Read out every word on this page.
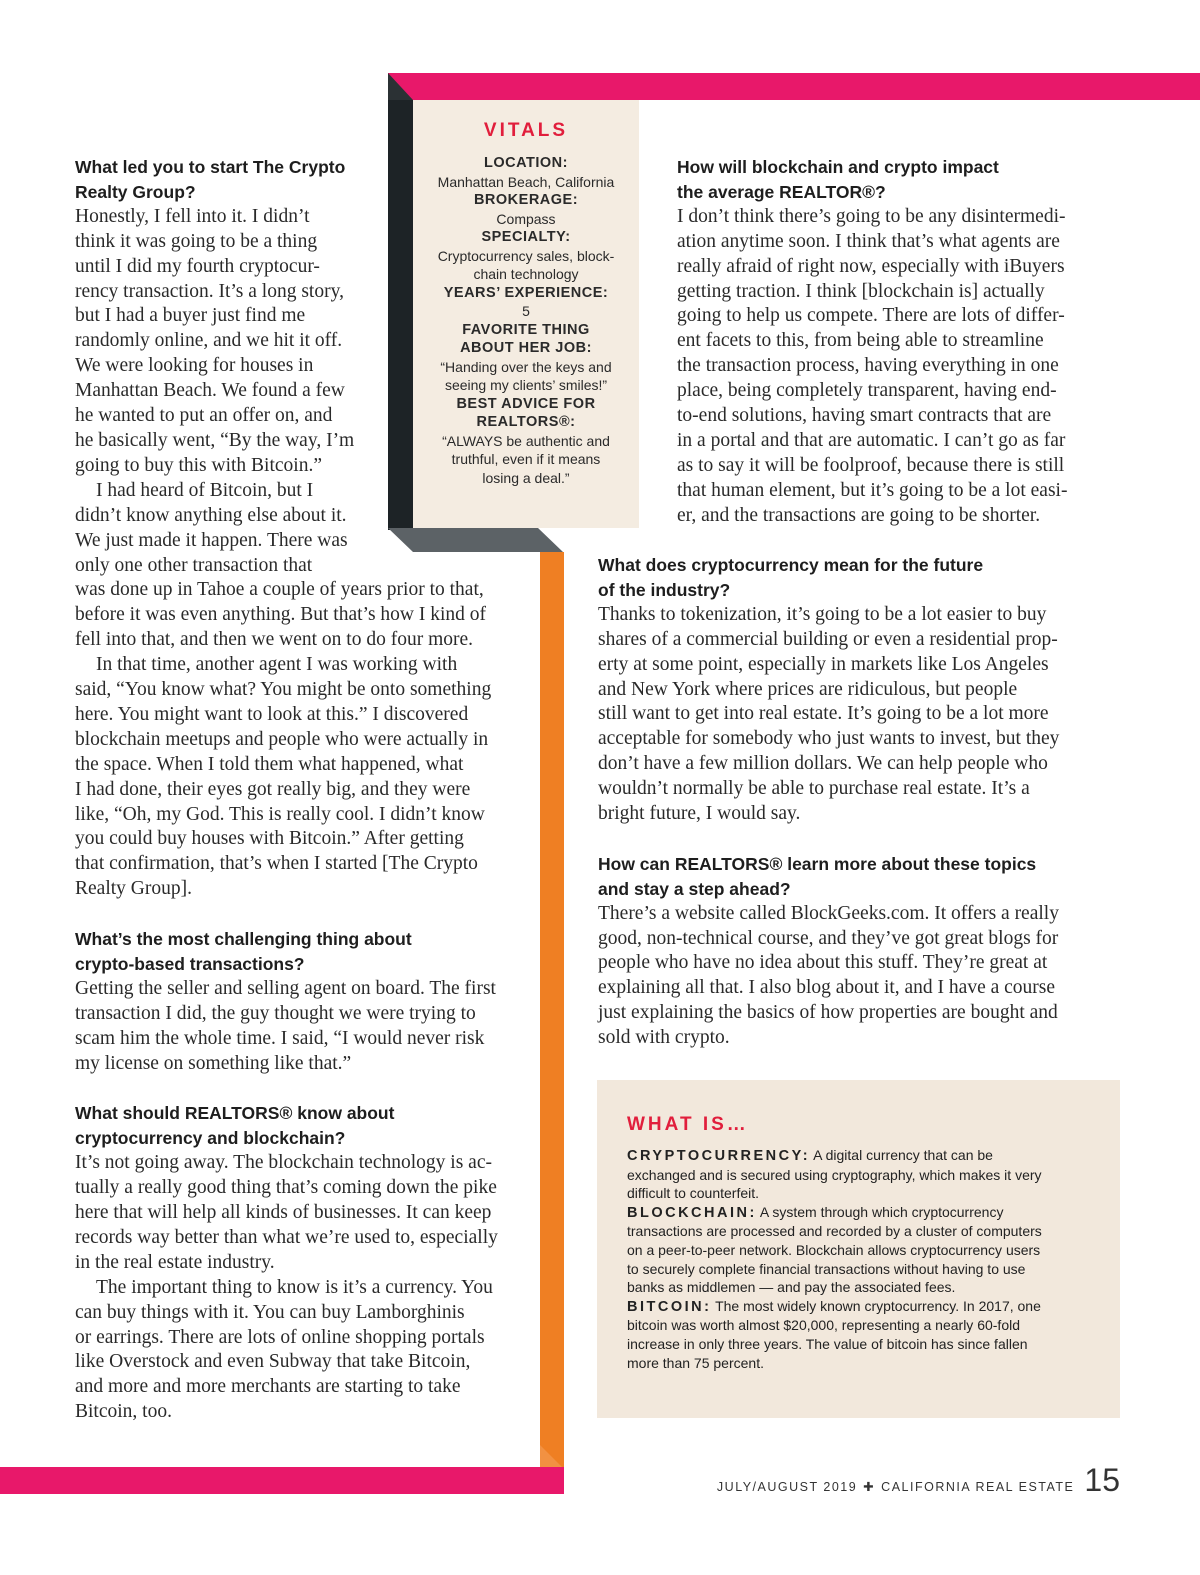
VITALS
LOCATION:
Manhattan Beach, California
BROKERAGE:
Compass
SPECIALTY:
Cryptocurrency sales, block-
chain technology
YEARS’ EXPERIENCE:
5
FAVORITE THING
ABOUT HER JOB:
“Handing over the keys and
seeing my clients’ smiles!”
BEST ADVICE FOR
REALTORS®:
“ALWAYS be authentic and
truthful, even if it means
losing a deal.”

What led you to start The Crypto

Realty Group?

Honestly, I fell into it. I didn’t
think it was going to be a thing
until I did my fourth cryptocur-
rency transaction. It’s a long story,
but I had a buyer just find me
randomly online, and we hit it off.
We were looking for houses in
Manhattan Beach. We found a few
he wanted to put an offer on, and
he basically went, “By the way, I’m
going to buy this with Bitcoin.”
I had heard of Bitcoin, but I
didn’t know anything else about it.
We just made it happen. There was
only one other transaction that
was done up in Tahoe a couple of years prior to that,
before it was even anything. But that’s how I kind of
fell into that, and then we went on to do four more.
In that time, another agent I was working with
said, “You know what? You might be onto something
here. You might want to look at this.” I discovered
blockchain meetups and people who were actually in
the space. When I told them what happened, what
I had done, their eyes got really big, and they were
like, “Oh, my God. This is really cool. I didn’t know
you could buy houses with Bitcoin.” After getting
that confirmation, that’s when I started [The Crypto
Realty Group].

What’s the most challenging thing about

crypto-based transactions?

Getting the seller and selling agent on board. The first
transaction I did, the guy thought we were trying to
scam him the whole time. I said, “I would never risk
my license on something like that.”

What should REALTORS® know about

cryptocurrency and blockchain?

It’s not going away. The blockchain technology is ac-
tually a really good thing that’s coming down the pike
here that will help all kinds of businesses. It can keep
records way better than what we’re used to, especially
in the real estate industry.
The important thing to know is it’s a currency. You
can buy things with it. You can buy Lamborghinis
or earrings. There are lots of online shopping portals
like Overstock and even Subway that take Bitcoin,
and more and more merchants are starting to take
Bitcoin, too.

How will blockchain and crypto impact

the average REALTOR®?

I don’t think there’s going to be any disintermedi-
ation anytime soon. I think that’s what agents are
really afraid of right now, especially with iBuyers
getting traction. I think [blockchain is] actually
going to help us compete. There are lots of differ-
ent facets to this, from being able to streamline
the transaction process, having everything in one
place, being completely transparent, having end-
to-end solutions, having smart contracts that are
in a portal and that are automatic. I can’t go as far
as to say it will be foolproof, because there is still
that human element, but it’s going to be a lot easi-
er, and the transactions are going to be shorter.

What does cryptocurrency mean for the future

of the industry?

Thanks to tokenization, it’s going to be a lot easier to buy
shares of a commercial building or even a residential prop-
erty at some point, especially in markets like Los Angeles
and New York where prices are ridiculous, but people
still want to get into real estate. It’s going to be a lot more
acceptable for somebody who just wants to invest, but they
don’t have a few million dollars. We can help people who
wouldn’t normally be able to purchase real estate. It’s a
bright future, I would say.

How can REALTORS® learn more about these topics

and stay a step ahead?

There’s a website called BlockGeeks.com. It offers a really
good, non-technical course, and they’ve got great blogs for
people who have no idea about this stuff. They’re great at
explaining all that. I also blog about it, and I have a course
just explaining the basics of how properties are bought and
sold with crypto.
WHAT IS…
CRYPTOCURRENCY: A digital currency that can be
exchanged and is secured using cryptography, which makes it very
difficult to counterfeit.
BLOCKCHAIN: A system through which cryptocurrency
transactions are processed and recorded by a cluster of computers
on a peer-to-peer network. Blockchain allows cryptocurrency users
to securely complete financial transactions without having to use
banks as middlemen — and pay the associated fees.
BITCOIN: The most widely known cryptocurrency. In 2017, one
bitcoin was worth almost $20,000, representing a nearly 60-fold
increase in only three years. The value of bitcoin has since fallen
more than 75 percent.
JULY/AUGUST 2019 ✚ CALIFORNIA REAL ESTATE 15
